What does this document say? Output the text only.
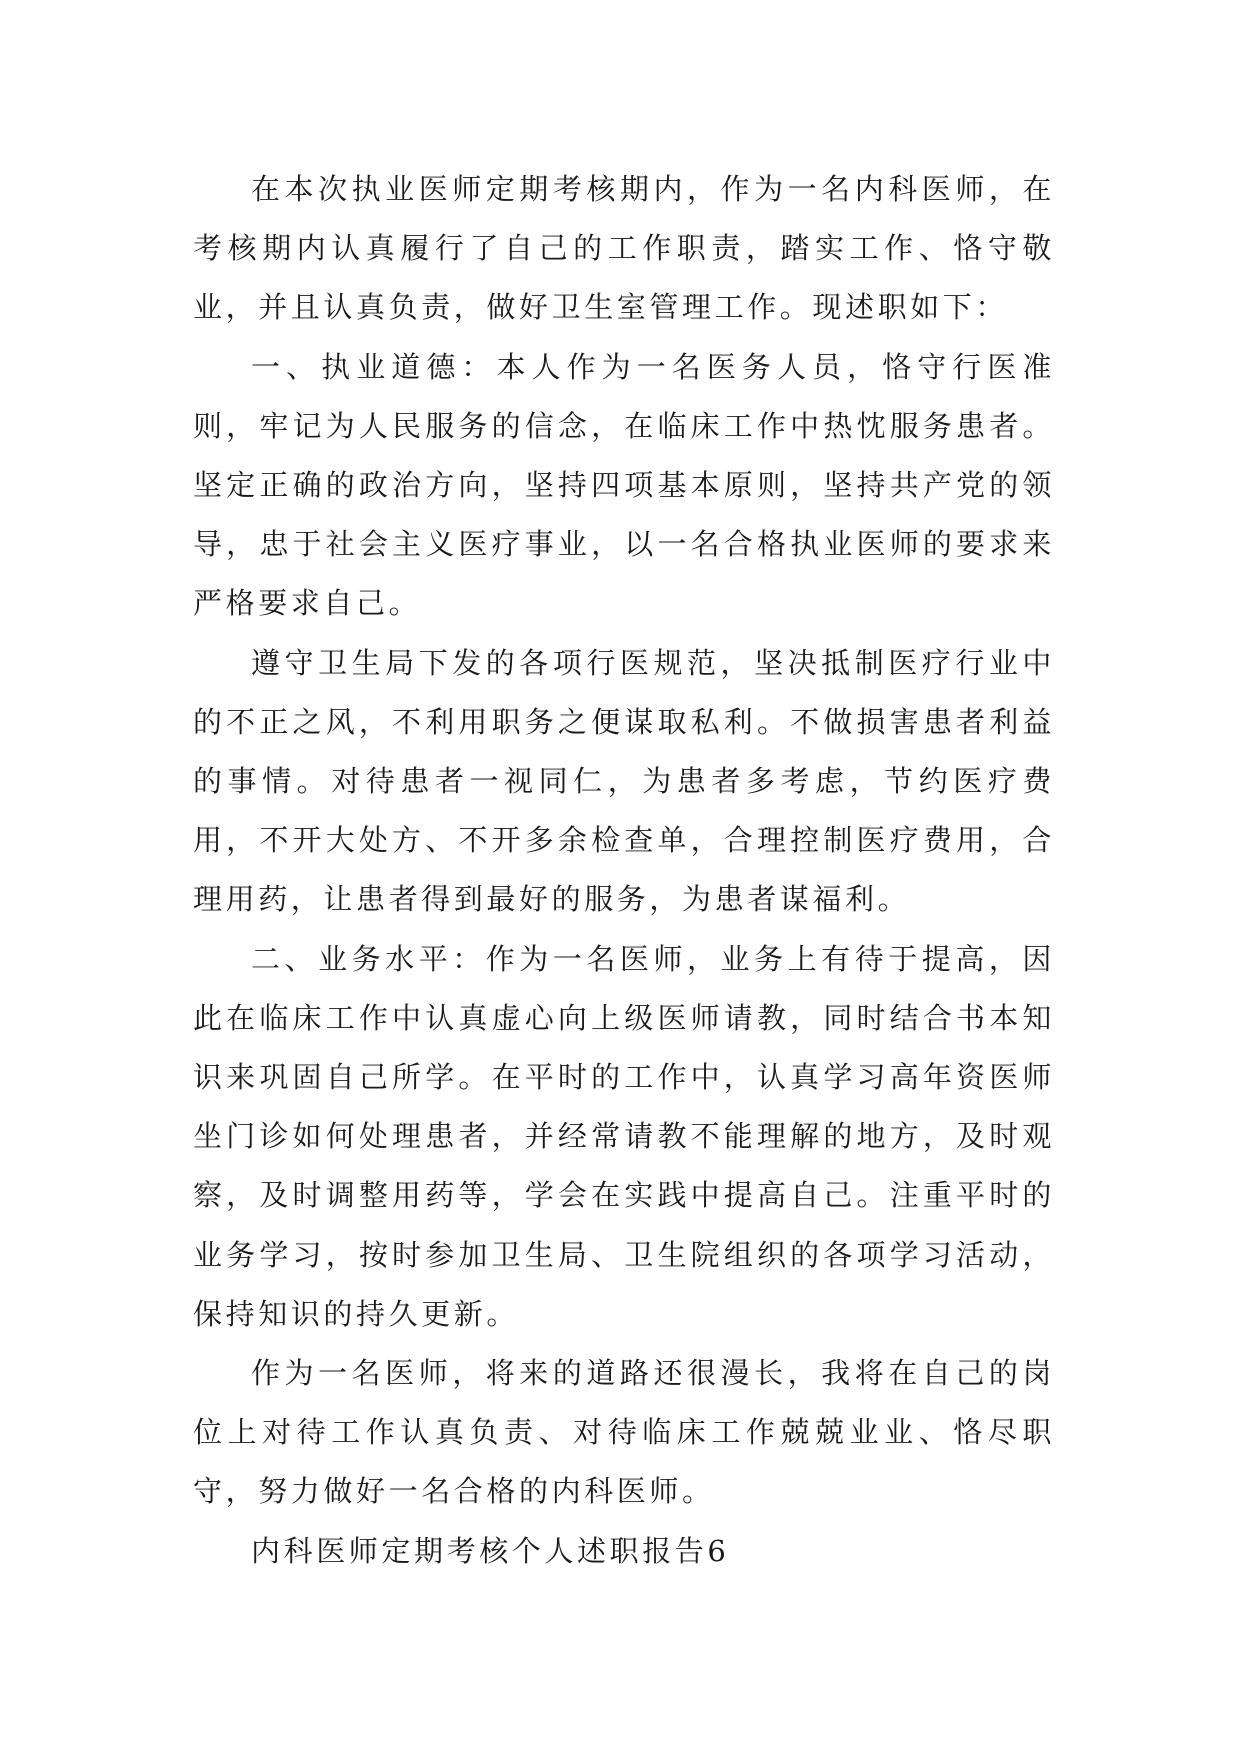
在本次执业医师定期考核期内，作为一名内科医师，在考核期内认真履行了自己的工作职责，踏实工作、恪守敬业，并且认真负责，做好卫生室管理工作。现述职如下：

一、执业道德：本人作为一名医务人员，恪守行医准则，牢记为人民服务的信念，在临床工作中热忱服务患者。坚定正确的政治方向，坚持四项基本原则，坚持共产党的领导，忠于社会主义医疗事业，以一名合格执业医师的要求来严格要求自己。

遵守卫生局下发的各项行医规范，坚决抵制医疗行业中的不正之风，不利用职务之便谋取私利。不做损害患者利益的事情。对待患者一视同仁，为患者多考虑，节约医疗费用，不开大处方、不开多余检查单，合理控制医疗费用，合理用药，让患者得到最好的服务，为患者谋福利。

二、业务水平：作为一名医师，业务上有待于提高，因此在临床工作中认真虚心向上级医师请教，同时结合书本知识来巩固自己所学。在平时的工作中，认真学习高年资医师坐门诊如何处理患者，并经常请教不能理解的地方，及时观察，及时调整用药等，学会在实践中提高自己。注重平时的业务学习，按时参加卫生局、卫生院组织的各项学习活动，保持知识的持久更新。

作为一名医师，将来的道路还很漫长，我将在自己的岗位上对待工作认真负责、对待临床工作兢兢业业、恪尽职守，努力做好一名合格的内科医师。

内科医师定期考核个人述职报告6
